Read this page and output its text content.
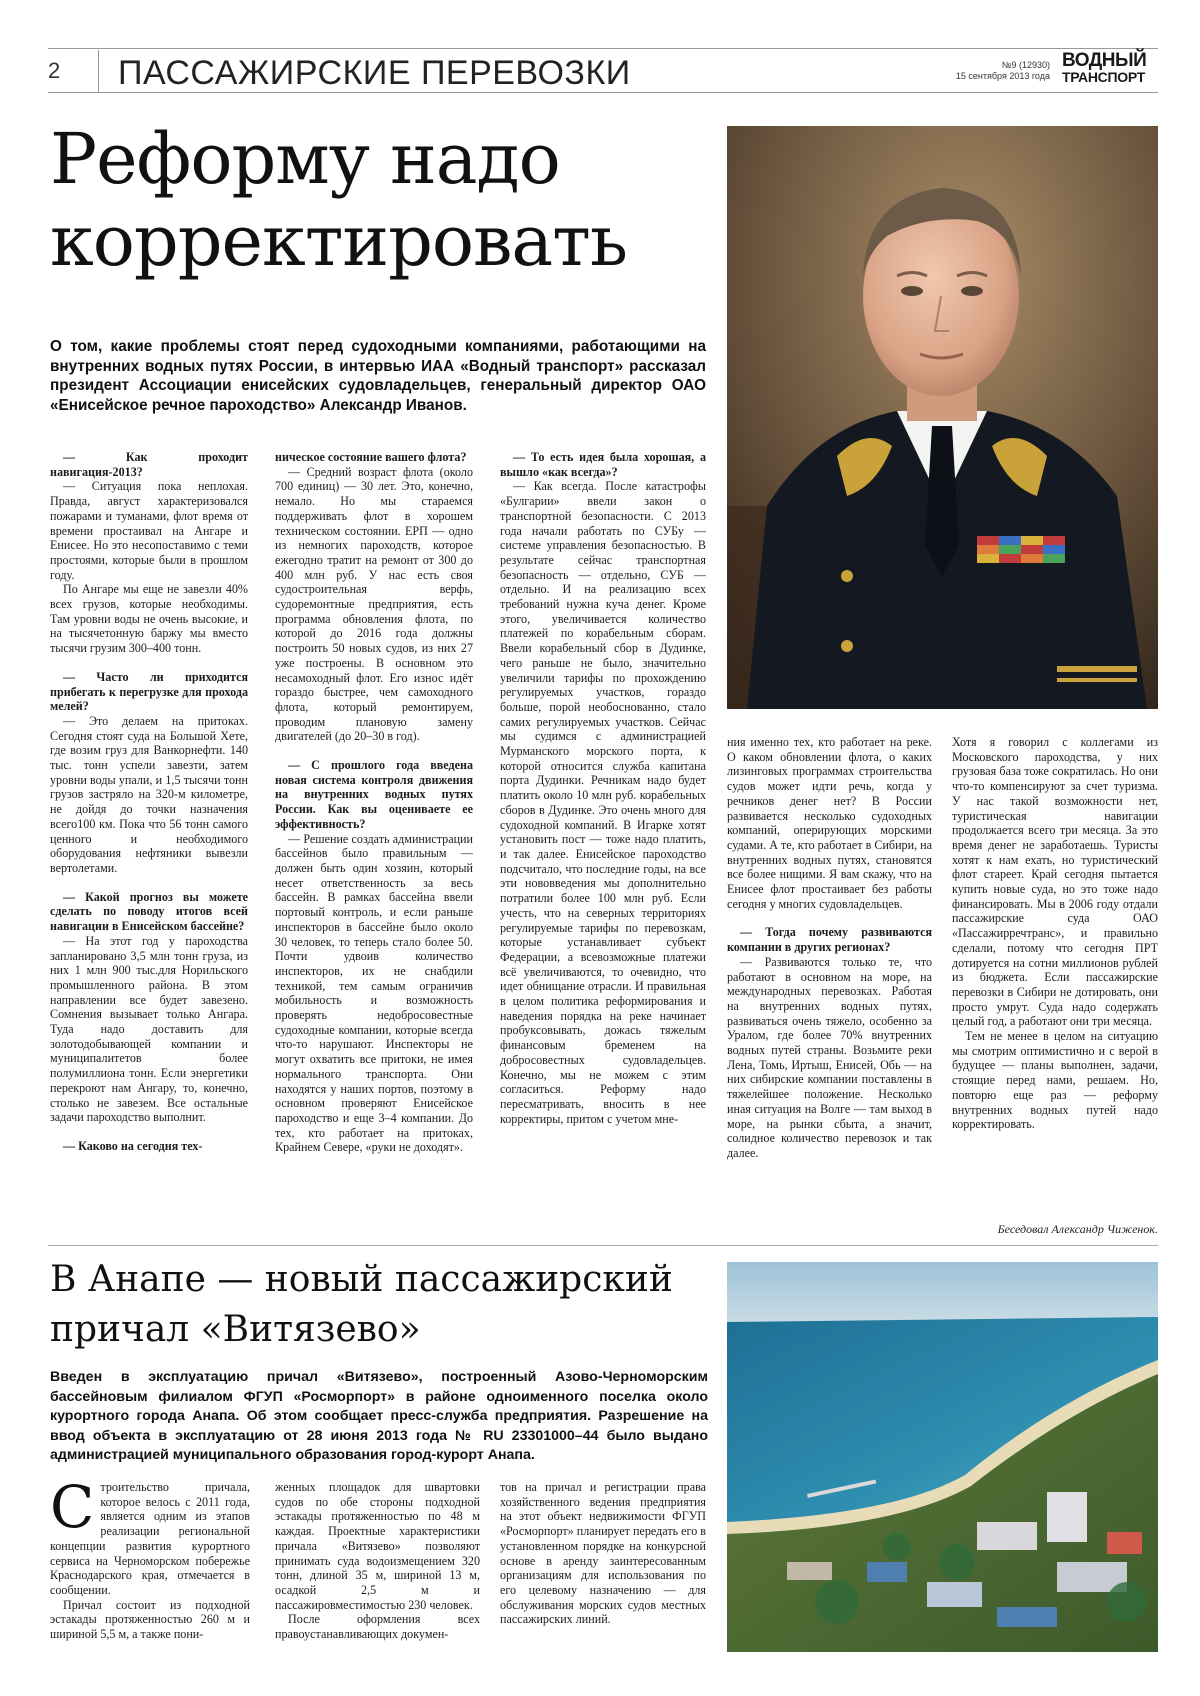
2 ПАССАЖИРСКИЕ ПЕРЕВОЗКИ	№9 (12930)
15 сентября 2013 года
ВОДНЫЙ
ТРАНСПОРТ
Реформу надо
корректировать
О том, какие проблемы стоят перед судоходными компаниями, работающими на внутренних водных путях России, в интервью ИАА «Водный транспорт» рассказал президент Ассоциации енисейских судовладельцев, генеральный директор ОАО «Енисейское речное пароходство» Александр Иванов.

— Как проходит навигация-2013?

— Ситуация пока неплохая. Правда, август характеризовался пожарами и туманами, флот время от времени простаивал на Ангаре и Енисее. Но это несопоставимо с теми простоями, которые были в прошлом году.

По Ангаре мы еще не завезли 40% всех грузов, которые необходимы. Там уровни воды не очень высокие, и на тысячетонную баржу мы вместо тысячи грузим 300–400 тонн.

— Часто ли приходится прибегать к перегрузке для прохода мелей?

— Это делаем на притоках. Сегодня стоят суда на Большой Хете, где возим груз для Ванкорнефти. 140 тыс. тонн успели завезти, затем уровни воды упали, и 1,5 тысячи тонн грузов застряло на 320-м километре, не дойдя до точки назначения всего100 км. Пока что 56 тонн самого ценного и необходимого оборудования нефтяники вывезли вертолетами.

— Какой прогноз вы можете сделать по поводу итогов всей навигации в Енисейском бассейне?

— На этот год у пароходства запланировано 3,5 млн тонн груза, из них 1 млн 900 тыс.для Норильского промышленного района. В этом направлении все будет завезено. Сомнения вызывает только Ангара. Туда надо доставить для золотодобывающей компании и муниципалитетов более полумиллиона тонн. Если энергетики перекроют нам Ангару, то, конечно, столько не завезем. Все остальные задачи пароходство выполнит.

— Каково на сегодня тех-

ническое состояние вашего флота?

— Средний возраст флота (около 700 единиц) — 30 лет. Это, конечно, немало. Но мы стараемся поддерживать флот в хорошем техническом состоянии. ЕРП — одно из немногих пароходств, которое ежегодно тратит на ремонт от 300 до 400 млн руб. У нас есть своя судостроительная верфь, судоремонтные предприятия, есть программа обновления флота, по которой до 2016 года должны построить 50 новых судов, из них 27 уже построены. В основном это несамоходный флот. Его износ идёт гораздо быстрее, чем самоходного флота, который ремонтируем, проводим плановую замену двигателей (до 20–30 в год).

— С прошлого года введена новая система контроля движения на внутренних водных путях России. Как вы оцениваете ее эффективность?

— Решение создать администрации бассейнов было правильным — должен быть один хозяин, который несет ответственность за весь бассейн. В рамках бассейна ввели портовый контроль, и если раньше инспекторов в бассейне было около 30 человек, то теперь стало более 50. Почти удвоив количество инспекторов, их не снабдили техникой, тем самым ограничив мобильность и возможность проверять недобросовестные судоходные компании, которые всегда что-то нарушают. Инспекторы не могут охватить все притоки, не имея нормального транспорта. Они находятся у наших портов, поэтому в основном проверяют Енисейское пароходство и еще 3–4 компании. До тех, кто работает на притоках, Крайнем Севере, «руки не доходят».

— То есть идея была хорошая, а вышло «как всегда»?

— Как всегда. После катастрофы «Булгарии» ввели закон о транспортной безопасности. С 2013 года начали работать по СУБу — системе управления безопасностью. В результате сейчас транспортная безопасность — отдельно, СУБ — отдельно. И на реализацию всех требований нужна куча денег. Кроме этого, увеличивается количество платежей по корабельным сборам. Ввели корабельный сбор в Дудинке, чего раньше не было, значительно увеличили тарифы по прохождению регулируемых участков, гораздо больше, порой необоснованно, стало самих регулируемых участков. Сейчас мы судимся с администрацией Мурманского морского порта, к которой относится служба капитана порта Дудинки. Речникам надо будет платить около 10 млн руб. корабельных сборов в Дудинке. Это очень много для судоходной компаний. В Игарке хотят установить пост — тоже надо платить, и так далее. Енисейское пароходство подсчитало, что последние годы, на все эти нововведения мы дополнительно потратили более 100 млн руб. Если учесть, что на северных территориях регулируемые тарифы по перевозкам, которые устанавливает субъект Федерации, а всевозможные платежи всё увеличиваются, то очевидно, что идет обнищание отрасли. И правильная в целом политика реформирования и наведения порядка на реке начинает пробуксовывать, дожась тяжелым финансовым бременем на добросовестных судовладельцев. Конечно, мы не можем с этим согласиться. Реформу надо пересматривать, вносить в нее корректиры, притом с учетом мне-

ния именно тех, кто работает на реке. О каком обновлении флота, о каких лизинговых программах строительства судов может идти речь, когда у речников денег нет? В России развивается несколько судоходных компаний, оперирующих морскими судами. А те, кто работает в Сибири, на внутренних водных путях, становятся все более нищими. Я вам скажу, что на Енисее флот простаивает без работы сегодня у многих судовладельцев.

— Тогда почему развиваются компании в других регионах?

— Развиваются только те, что работают в основном на море, на международных перевозках. Работая на внутренних водных путях, развиваться очень тяжело, особенно за Уралом, где более 70% внутренних водных путей страны. Возьмите реки Лена, Томь, Иртыш, Енисей, Обь — на них сибирские компании поставлены в тяжелейшее положение. Несколько иная ситуация на Волге — там выход в море, на рынки сбыта, а значит, солидное количество перевозок и так далее.

Хотя я говорил с коллегами из Московского пароходства, у них грузовая база тоже сократилась. Но они что-то компенсируют за счет туризма. У нас такой возможности нет, туристическая навигации продолжается всего три месяца. За это время денег не заработаешь. Туристы хотят к нам ехать, но туристический флот стареет. Край сегодня пытается купить новые суда, но это тоже надо финансировать. Мы в 2006 году отдали пассажирские суда ОАО «Пассажирречтранс», и правильно сделали, потому что сегодня ПРТ дотируется на сотни миллионов рублей из бюджета. Если пассажирские перевозки в Сибири не дотировать, они просто умрут. Суда надо содержать целый год, а работают они три месяца.

Тем не менее в целом на ситуацию мы смотрим оптимистично и с верой в будущее — планы выполнен, задачи, стоящие перед нами, решаем. Но, повторю еще раз — реформу внутренних водных путей надо корректировать.

Беседовал Александр Чиженок.
В Анапе — новый пассажирский
причал «Витязево»
Введен в эксплуатацию причал «Витязево», построенный Азово-Черноморским бассейновым филиалом ФГУП «Росморпорт» в районе одноименного поселка около курортного города Анапа. Об этом сообщает пресс-служба предприятия. Разрешение на ввод объекта в эксплуатацию от 28 июня 2013 года № RU 23301000–44 было выдано администрацией муниципального образования город-курорт Анапа.

Строительство причала, которое велось с 2011 года, является одним из этапов реализации региональной концепции развития курортного сервиса на Черноморском побережье Краснодарского края, отмечается в сообщении.

Причал состоит из подходной эстакады протяженностью 260 м и шириной 5,5 м, а также пони-

женных площадок для швартовки судов по обе стороны подходной эстакады протяженностью по 48 м каждая. Проектные характеристики причала «Витязево» позволяют принимать суда водоизмещением 320 тонн, длиной 35 м, шириной 13 м, осадкой 2,5 м и пассажировместимостью 230 человек.

После оформления всех правоустанавливающих докумен-

тов на причал и регистрации права хозяйственного ведения предприятия на этот объект недвижимости ФГУП «Росморпорт» планирует передать его в установленном порядке на конкурсной основе в аренду заинтересованным организациям для использования по его целевому назначению — для обслуживания морских судов местных пассажирских линий.
